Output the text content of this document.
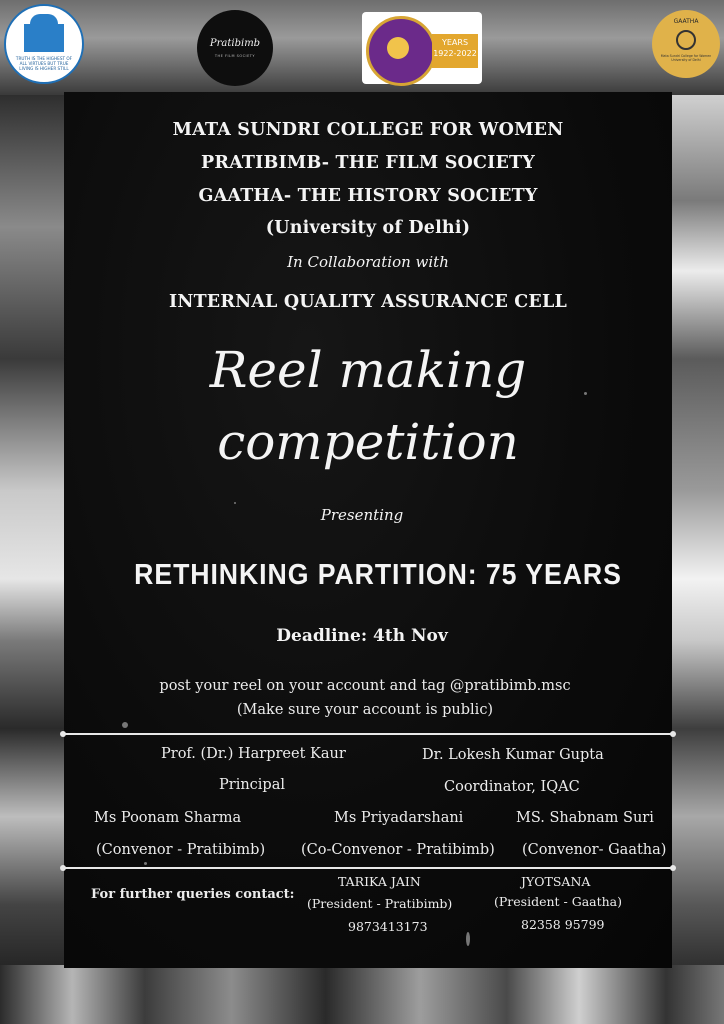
TRUTH IS THE HIGHEST OF ALL VIRTUES BUT TRUE LIVING IS HIGHER STILL
Pratibimb
THE FILM SOCIETY
YEARS
1922-2022
GAATHA
Mata Sundri College for Women University of Delhi
MATA SUNDRI COLLEGE FOR WOMEN
PRATIBIMB- THE FILM SOCIETY
GAATHA- THE HISTORY SOCIETY
(University of Delhi)
In Collaboration with
INTERNAL QUALITY ASSURANCE CELL
Reel making
competition
Presenting
RETHINKING PARTITION: 75 YEARS
Deadline: 4th Nov
post your reel on your account and tag @pratibimb.msc
(Make sure your account is public)
Prof. (Dr.) Harpreet Kaur
Principal
Dr. Lokesh Kumar Gupta
Coordinator, IQAC
Ms Poonam Sharma
(Convenor - Pratibimb)
Ms Priyadarshani
(Co-Convenor - Pratibimb)
MS. Shabnam Suri
(Convenor- Gaatha)
For further queries contact:
TARIKA JAIN
(President - Pratibimb)
9873413173
JYOTSANA
(President - Gaatha)
82358 95799
